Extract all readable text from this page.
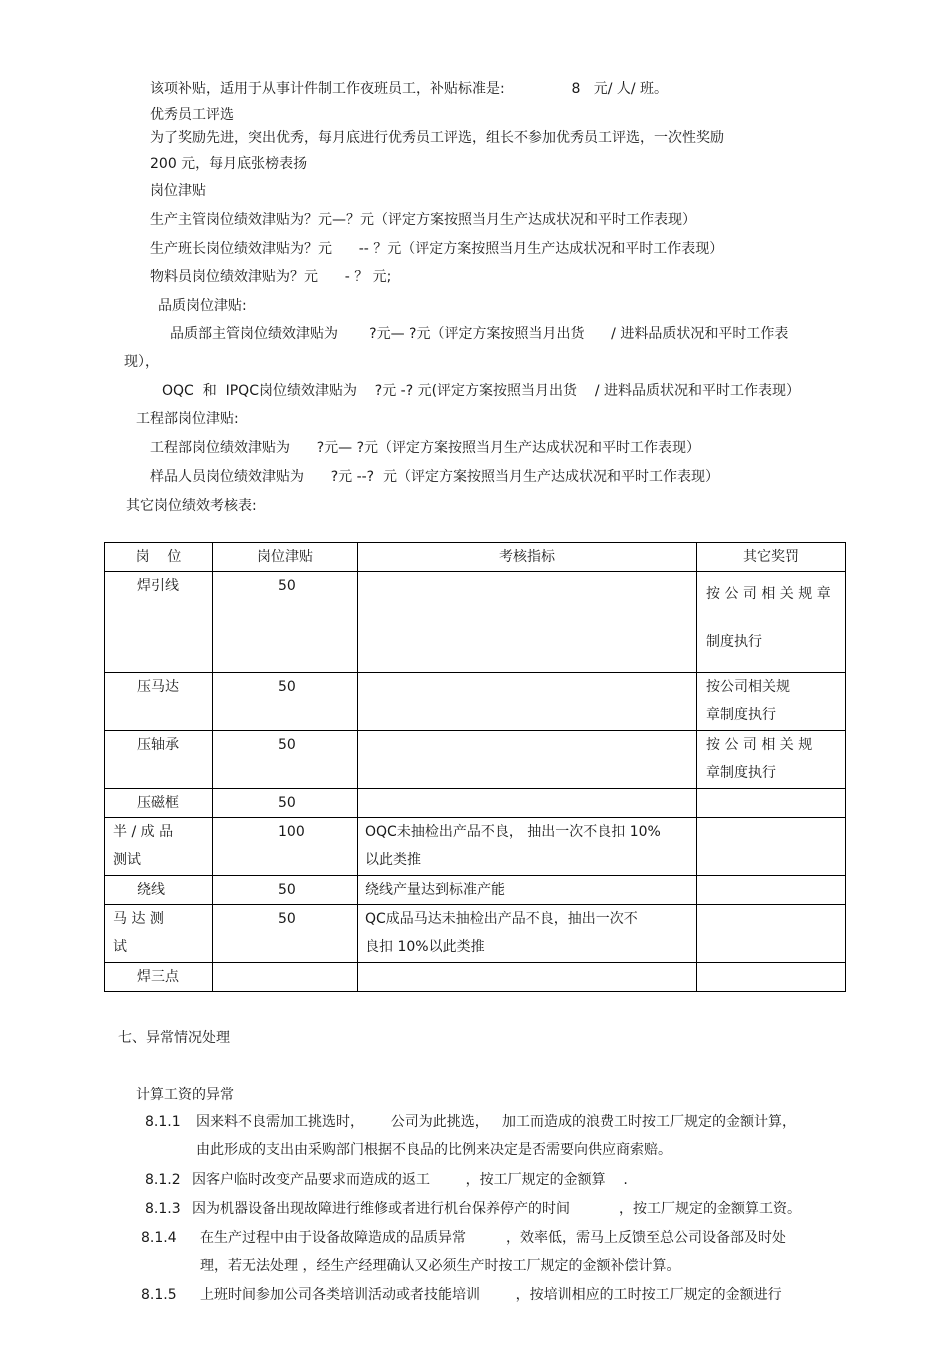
该项补贴，适用于从事计件制工作夜班员工，补贴标准是:               8   元/ 人/ 班。
优秀员工评选
为了奖励先进，突出优秀，每月底进行优秀员工评选，组长不参加优秀员工评选，一次性奖励
200 元，每月底张榜表扬
岗位津贴
生产主管岗位绩效津贴为？元—？元（评定方案按照当月生产达成状况和平时工作表现）
生产班长岗位绩效津贴为？元      -- ？元（评定方案按照当月生产达成状况和平时工作表现）
物料员岗位绩效津贴为？元      - ？ 元;
品质岗位津贴:
品质部主管岗位绩效津贴为       ?元— ?元（评定方案按照当月出货      / 进料品质状况和平时工作表
现），
OQC  和  IPQC岗位绩效津贴为    ?元 -? 元(评定方案按照当月出货    / 进料品质状况和平时工作表现）
工程部岗位津贴:
工程部岗位绩效津贴为      ?元— ?元（评定方案按照当月生产达成状况和平时工作表现）
样品人员岗位绩效津贴为      ?元 --?  元（评定方案按照当月生产达成状况和平时工作表现）
其它岗位绩效考核表:
岗    位	岗位津贴	考核指标	其它奖罚
焊引线	50		按 公 司 相 关 规 章

制度执行

压马达	50		按公司相关规
章制度执行
压轴承	50		按 公 司 相 关 规
章制度执行
压磁框	50		
半 / 成 品
测试	100	OQC未抽检出产品不良， 抽出一次不良扣 10%
以此类推	
绕线	50	绕线产量达到标准产能	
马 达 测
试	50	QC成品马达未抽检出产品不良，抽出一次不
良扣 10%以此类推	
焊三点			
七、异常情况处理
计算工资的异常
8.1.1 因来料不良需加工挑选时，      公司为此挑选，   加工而造成的浪费工时按工厂规定的金额计算，
由此形成的支出由采购部门根据不良品的比例来决定是否需要向供应商索赔。
8.1.2 因客户临时改变产品要求而造成的返工        ，按工厂规定的金额算    .
8.1.3 因为机器设备出现故障进行维修或者进行机台保养停产的时间           ，按工厂规定的金额算工资。
8.1.4 在生产过程中由于设备故障造成的品质异常         ，效率低，需马上反馈至总公司设备部及时处
理，若无法处理 ，经生产经理确认又必须生产时按工厂规定的金额补偿计算。
8.1.5 上班时间参加公司各类培训活动或者技能培训        ，按培训相应的工时按工厂规定的金额进行
